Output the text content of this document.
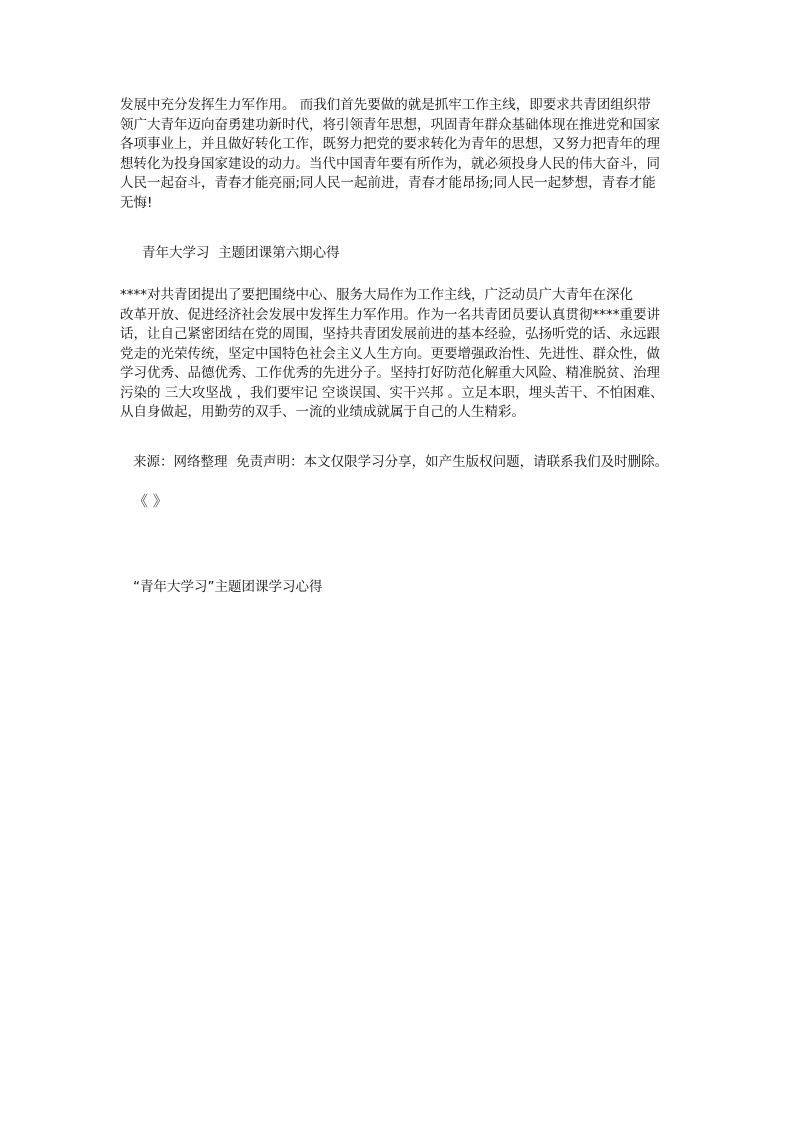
发展中充分发挥生力军作用。 而我们首先要做的就是抓牢工作主线，即要求共青团组织带
领广大青年迈向奋勇建功新时代，将引领青年思想，巩固青年群众基础体现在推进党和国家
各项事业上，并且做好转化工作，既努力把党的要求转化为青年的思想，又努力把青年的理
想转化为投身国家建设的动力。当代中国青年要有所作为，就必须投身人民的伟大奋斗，同
人民一起奋斗，青春才能亮丽;同人民一起前进，青春才能昂扬;同人民一起梦想，青春才能
无悔!
青年大学习  主题团课第六期心得
****对共青团提出了要把围绕中心、服务大局作为工作主线，广泛动员广大青年在深化
改革开放、促进经济社会发展中发挥生力军作用。作为一名共青团员要认真贯彻****重要讲
话，让自己紧密团结在党的周围，坚持共青团发展前进的基本经验，弘扬听党的话、永远跟
党走的光荣传统，坚定中国特色社会主义人生方向。更要增强政治性、先进性、群众性，做
学习优秀、品德优秀、工作优秀的先进分子。坚持打好防范化解重大风险、精准脱贫、治理
污染的 三大攻坚战 ，我们要牢记 空谈误国、实干兴邦 。立足本职，埋头苦干、不怕困难、
从自身做起，用勤劳的双手、一流的业绩成就属于自己的人生精彩。
来源：网络整理  免责声明：本文仅限学习分享，如产生版权问题，请联系我们及时删除。
《 》
“青年大学习”主题团课学习心得
